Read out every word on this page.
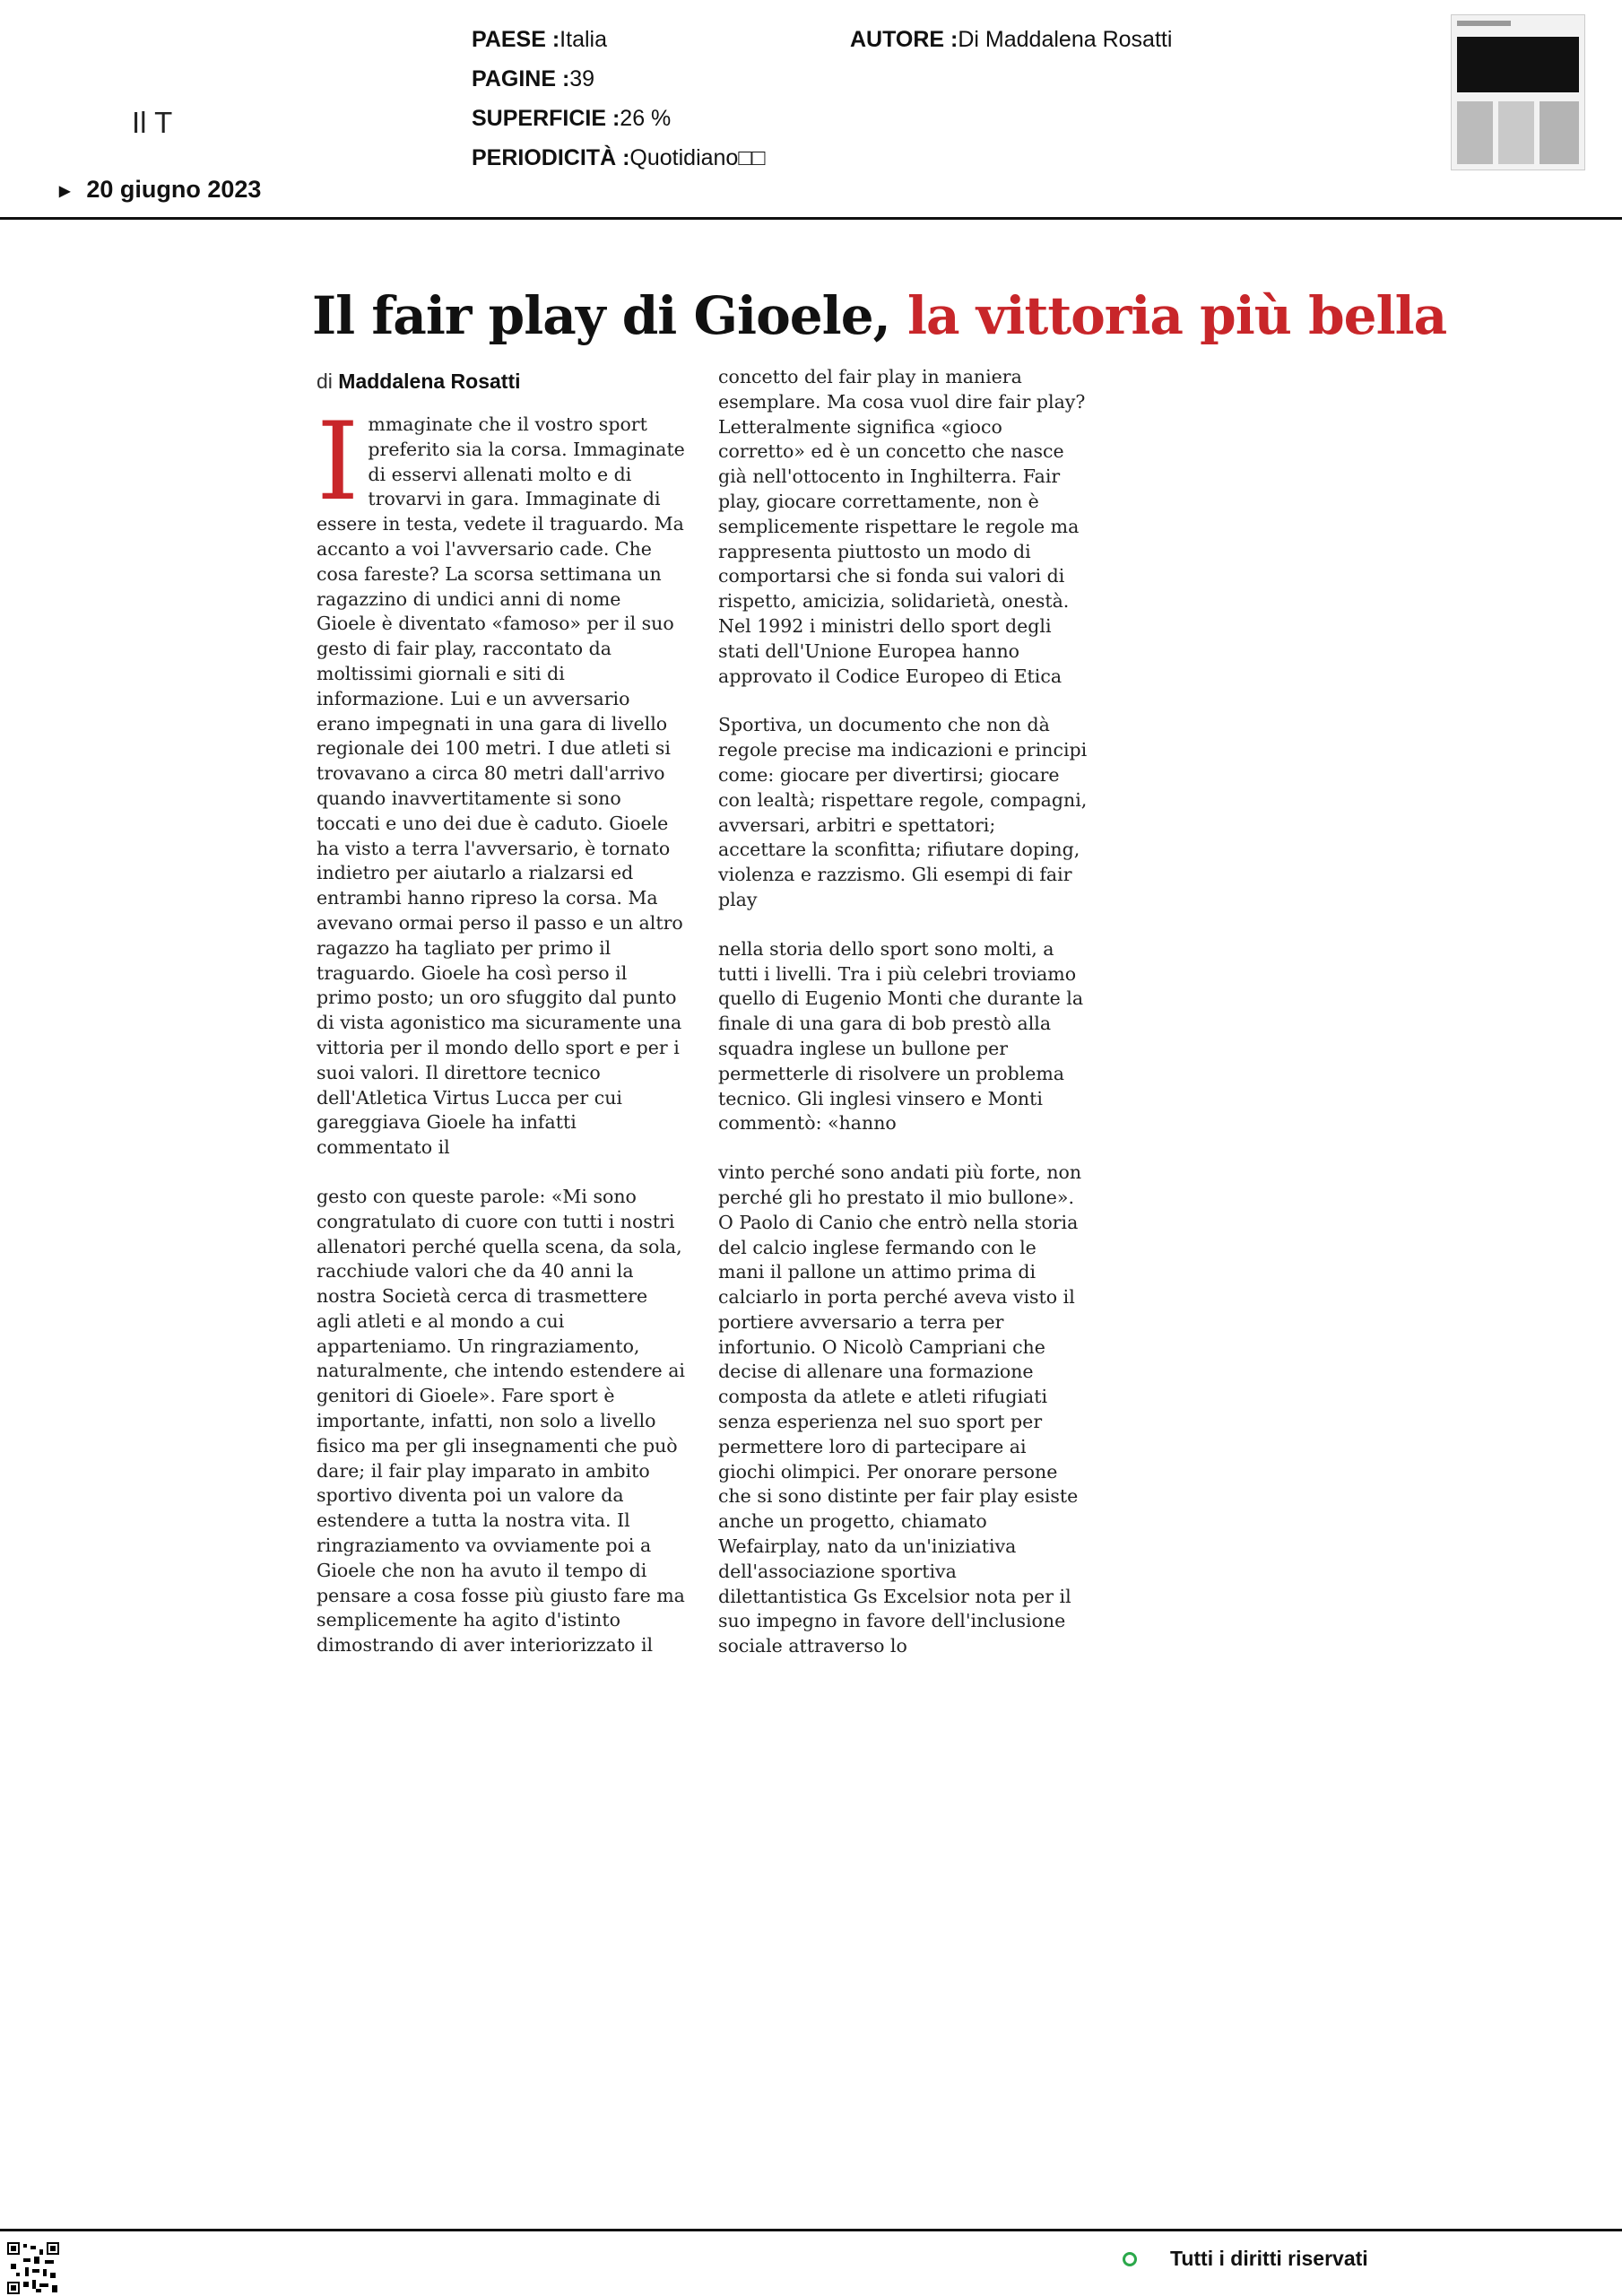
Il T
▶ 20 giugno 2023
PAESE :Italia
PAGINE :39
SUPERFICIE :26 %
PERIODICITÀ :Quotidiano□□
AUTORE :Di Maddalena Rosatti
Il fair play di Gioele, la vittoria più bella
di Maddalena Rosatti

Immaginate che il vostro sport preferito sia la corsa. Immaginate di esservi allenati molto e di trovarvi in gara. Immaginate di essere in testa, vedete il traguardo. Ma accanto a voi l'avversario cade. Che cosa fareste? La scorsa settimana un ragazzino di undici anni di nome Gioele è diventato «famoso» per il suo gesto di fair play, raccontato da moltissimi giornali e siti di informazione. Lui e un avversario erano impegnati in una gara di livello regionale dei 100 metri. I due atleti si trovavano a circa 80 metri dall'arrivo quando inavvertitamente si sono toccati e uno dei due è caduto. Gioele ha visto a terra l'avversario, è tornato indietro per aiutarlo a rialzarsi ed entrambi hanno ripreso la corsa. Ma avevano ormai perso il passo e un altro ragazzo ha tagliato per primo il traguardo. Gioele ha così perso il primo posto; un oro sfuggito dal punto di vista agonistico ma sicuramente una vittoria per il mondo dello sport e per i suoi valori. Il direttore tecnico dell'Atletica Virtus Lucca per cui gareggiava Gioele ha infatti commentato il

gesto con queste parole: «Mi sono congratulato di cuore con tutti i nostri allenatori perché quella scena, da sola, racchiude valori che da 40 anni la nostra Società cerca di trasmettere agli atleti e al mondo a cui apparteniamo. Un ringraziamento, naturalmente, che intendo estendere ai genitori di Gioele». Fare sport è importante, infatti, non solo a livello fisico ma per gli insegnamenti che può dare; il fair play imparato in ambito sportivo diventa poi un valore da estendere a tutta la nostra vita. Il ringraziamento va ovviamente poi a Gioele che non ha avuto il tempo di pensare a cosa fosse più giusto fare ma semplicemente ha agito d'istinto dimostrando di aver interiorizzato il

concetto del fair play in maniera esemplare. Ma cosa vuol dire fair play? Letteralmente significa «gioco corretto» ed è un concetto che nasce già nell'ottocento in Inghilterra. Fair play, giocare correttamente, non è semplicemente rispettare le regole ma rappresenta piuttosto un modo di comportarsi che si fonda sui valori di rispetto, amicizia, solidarietà, onestà. Nel 1992 i ministri dello sport degli stati dell'Unione Europea hanno approvato il Codice Europeo di Etica

Sportiva, un documento che non dà regole precise ma indicazioni e principi come: giocare per divertirsi; giocare con lealtà; rispettare regole, compagni, avversari, arbitri e spettatori; accettare la sconfitta; rifiutare doping, violenza e razzismo. Gli esempi di fair play

nella storia dello sport sono molti, a tutti i livelli. Tra i più celebri troviamo quello di Eugenio Monti che durante la finale di una gara di bob prestò alla squadra inglese un bullone per permetterle di risolvere un problema tecnico. Gli inglesi vinsero e Monti commentò: «hanno

vinto perché sono andati più forte, non perché gli ho prestato il mio bullone». O Paolo di Canio che entrò nella storia del calcio inglese fermando con le mani il pallone un attimo prima di calciarlo in porta perché aveva visto il portiere avversario a terra per infortunio. O Nicolò Campriani che decise di allenare una formazione composta da atlete e atleti rifugiati senza esperienza nel suo sport per permettere loro di partecipare ai giochi olimpici. Per onorare persone che si sono distinte per fair play esiste anche un progetto, chiamato Wefairplay, nato da un'iniziativa dell'associazione sportiva dilettantistica Gs Excelsior nota per il suo impegno in favore dell'inclusione sociale attraverso lo

Tutti i diritti riservati
